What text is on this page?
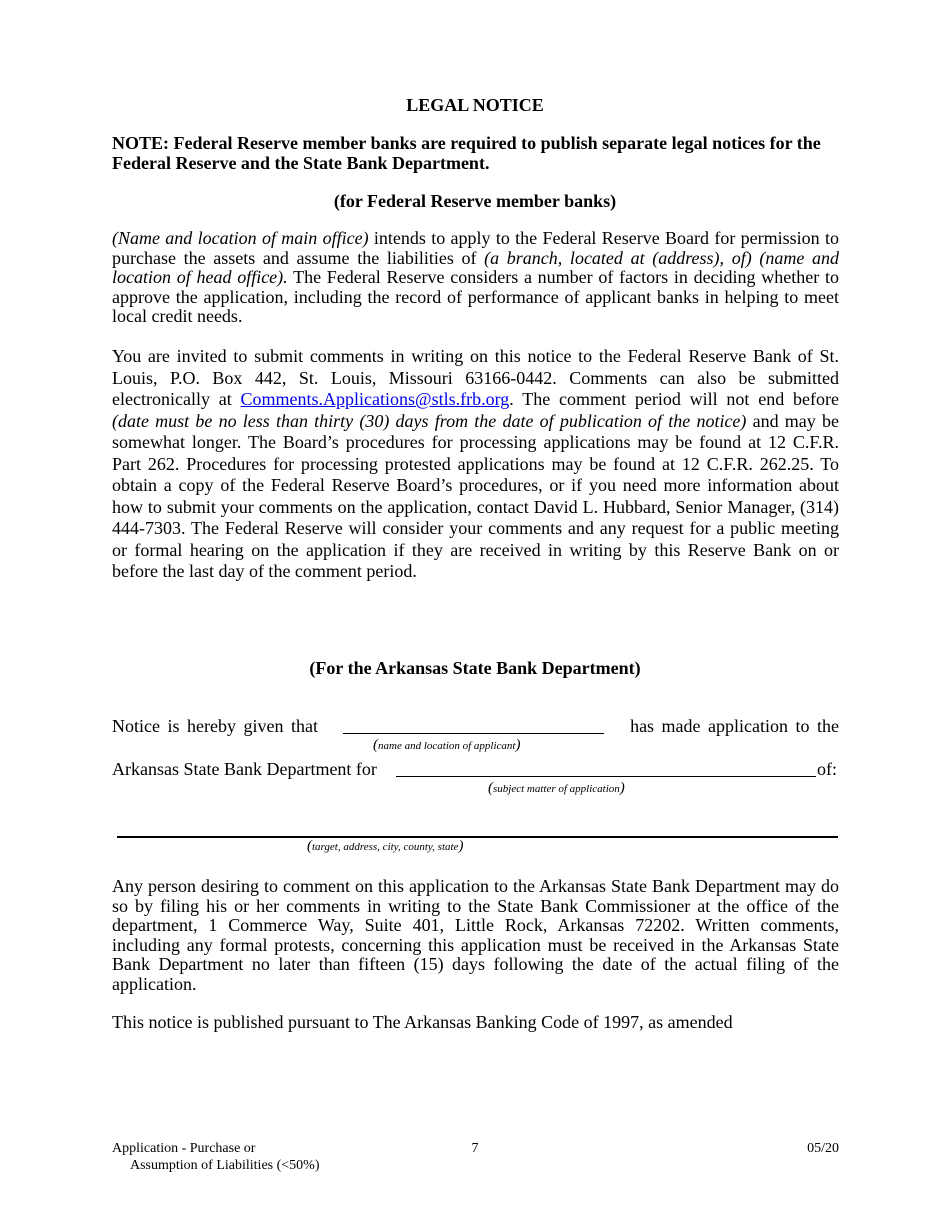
LEGAL NOTICE
NOTE: Federal Reserve member banks are required to publish separate legal notices for the Federal Reserve and the State Bank Department.
(for Federal Reserve member banks)
(Name and location of main office) intends to apply to the Federal Reserve Board for permission to purchase the assets and assume the liabilities of (a branch, located at (address), of) (name and location of head office). The Federal Reserve considers a number of factors in deciding whether to approve the application, including the record of performance of applicant banks in helping to meet local credit needs.
You are invited to submit comments in writing on this notice to the Federal Reserve Bank of St. Louis, P.O. Box 442, St. Louis, Missouri 63166-0442. Comments can also be submitted electronically at Comments.Applications@stls.frb.org. The comment period will not end before (date must be no less than thirty (30) days from the date of publication of the notice) and may be somewhat longer. The Board’s procedures for processing applications may be found at 12 C.F.R. Part 262. Procedures for processing protested applications may be found at 12 C.F.R. 262.25. To obtain a copy of the Federal Reserve Board’s procedures, or if you need more information about how to submit your comments on the application, contact David L. Hubbard, Senior Manager, (314) 444-7303. The Federal Reserve will consider your comments and any request for a public meeting or formal hearing on the application if they are received in writing by this Reserve Bank on or before the last day of the comment period.
(For the Arkansas State Bank Department)
Notice is hereby given that	has made application to the
(name and location of applicant)
Arkansas State Bank Department for	of:
(subject matter of application)
(target, address, city, county, state)
Any person desiring to comment on this application to the Arkansas State Bank Department may do so by filing his or her comments in writing to the State Bank Commissioner at the office of the department, 1 Commerce Way, Suite 401, Little Rock, Arkansas 72202. Written comments, including any formal protests, concerning this application must be received in the Arkansas State Bank Department no later than fifteen (15) days following the date of the actual filing of the application.
This notice is published pursuant to The Arkansas Banking Code of 1997, as amended
Application - Purchase or
Assumption of Liabilities (<50%)
7	05/20
